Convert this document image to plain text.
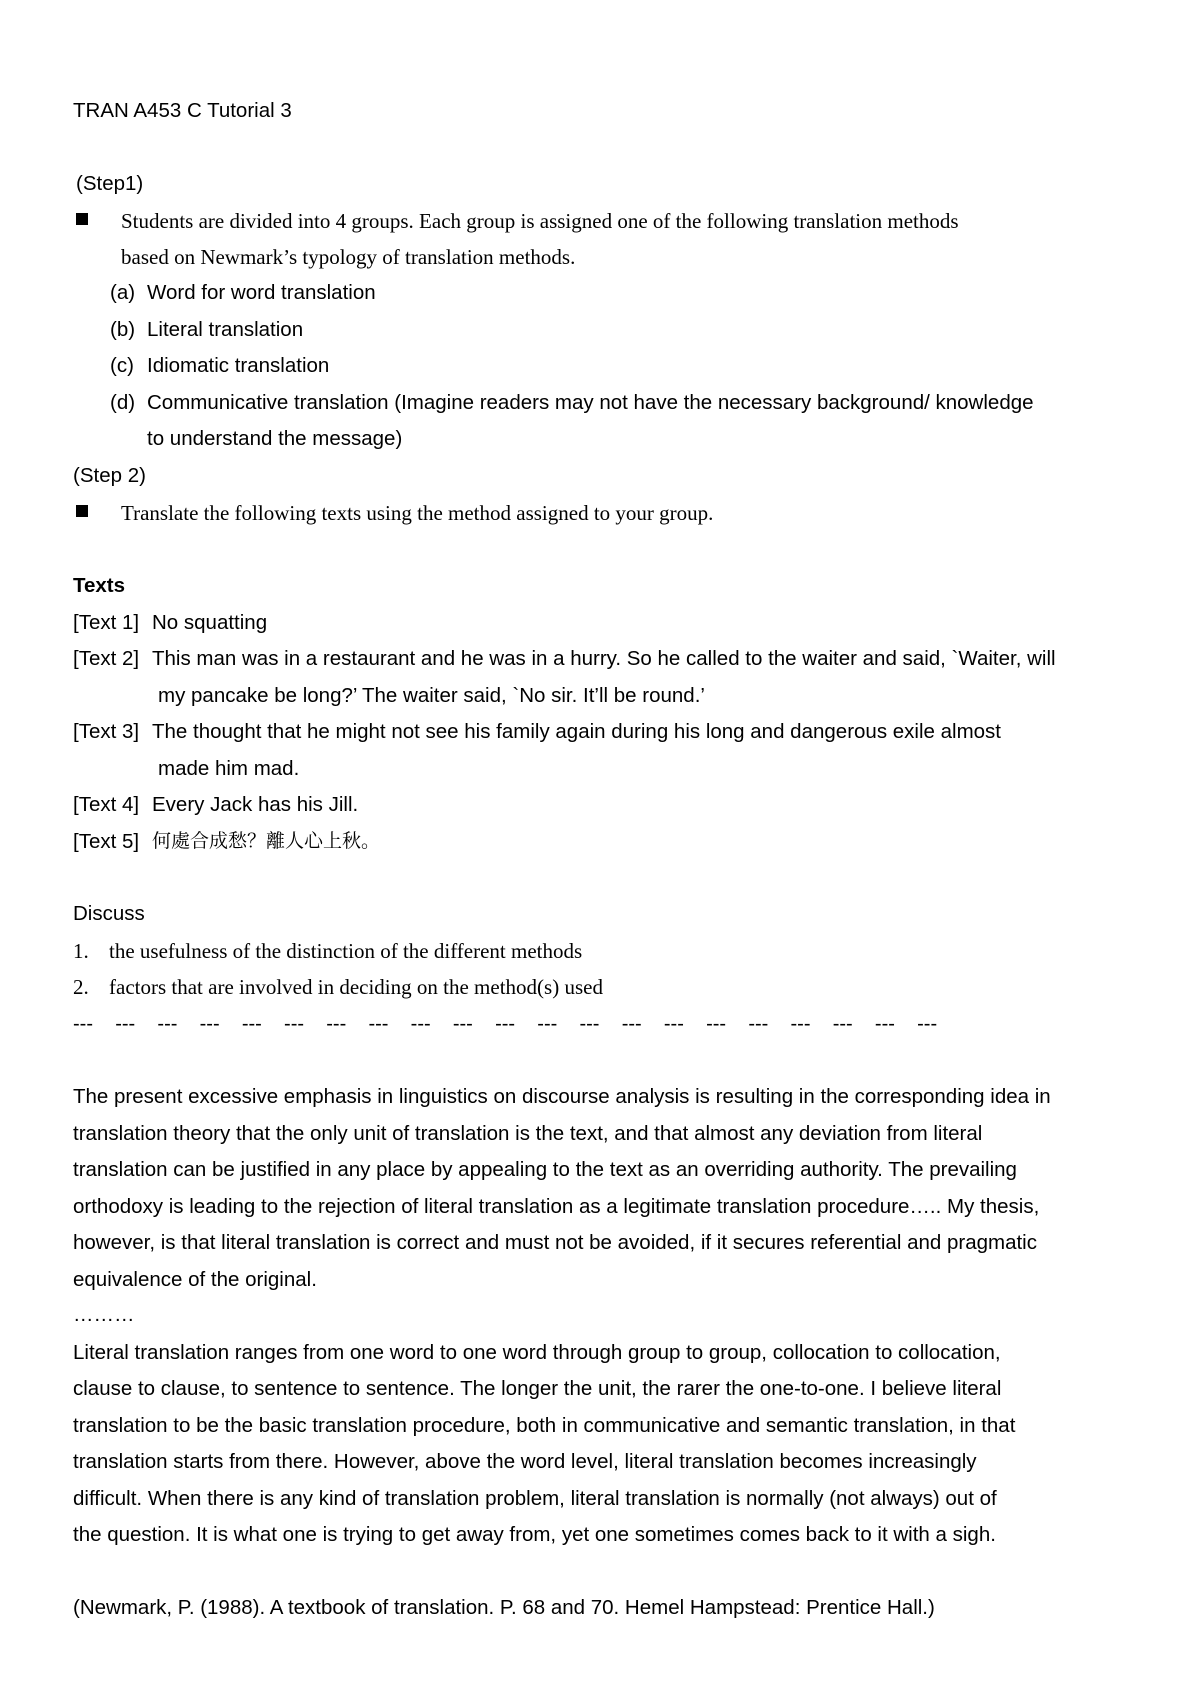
TRAN A453 C Tutorial 3
(Step1)
Students are divided into 4 groups. Each group is assigned one of the following translation methods
based on Newmark’s typology of translation methods.
(a) Word for word translation
(b) Literal translation
(c) Idiomatic translation
(d) Communicative translation (Imagine readers may not have the necessary background/ knowledge
to understand the message)
(Step 2)
Translate the following texts using the method assigned to your group.
Texts
[Text 1] No squatting
[Text 2] This man was in a restaurant and he was in a hurry. So he called to the waiter and said, `Waiter, will
my pancake be long?’ The waiter said, `No sir. It’ll be round.’
[Text 3] The thought that he might not see his family again during his long and dangerous exile almost
made him mad.
[Text 4] Every Jack has his Jill.
[Text 5] 何處合成愁？離人心上秋。
Discuss
1. the usefulness of the distinction of the different methods
2. factors that are involved in deciding on the method(s) used
---    ---    ---    ---    ---    ---    ---    ---    ---    ---    ---    ---    ---    ---    ---    ---    ---    ---    ---    ---    ---
The present excessive emphasis in linguistics on discourse analysis is resulting in the corresponding idea in
translation theory that the only unit of translation is the text, and that almost any deviation from literal
translation can be justified in any place by appealing to the text as an overriding authority. The prevailing
orthodoxy is leading to the rejection of literal translation as a legitimate translation procedure….. My thesis,
however, is that literal translation is correct and must not be avoided, if it secures referential and pragmatic
equivalence of the original.
………
Literal translation ranges from one word to one word through group to group, collocation to collocation,
clause to clause, to sentence to sentence. The longer the unit, the rarer the one-to-one. I believe literal
translation to be the basic translation procedure, both in communicative and semantic translation, in that
translation starts from there. However, above the word level, literal translation becomes increasingly
difficult. When there is any kind of translation problem, literal translation is normally (not always) out of
the question. It is what one is trying to get away from, yet one sometimes comes back to it with a sigh.
(Newmark, P. (1988). A textbook of translation. P. 68 and 70. Hemel Hampstead: Prentice Hall.)
